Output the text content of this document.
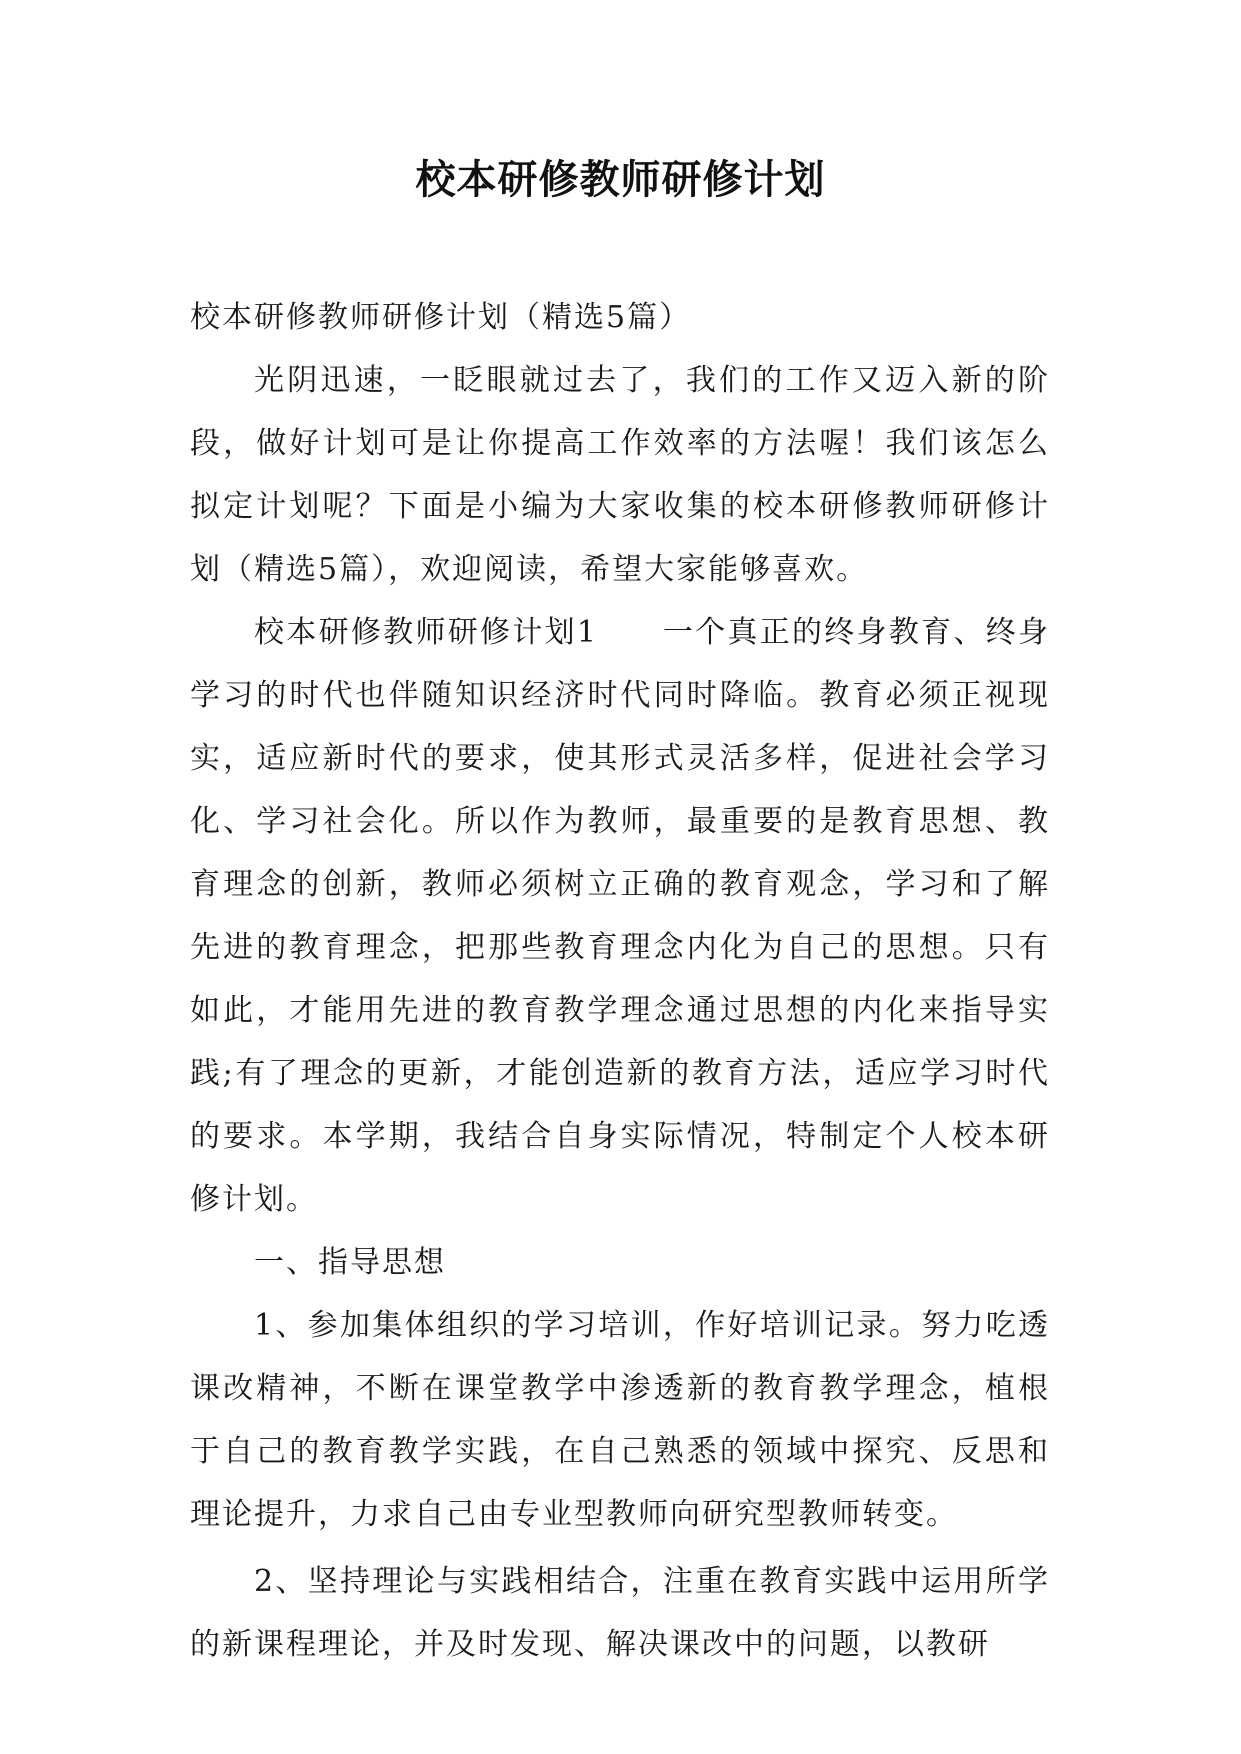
校本研修教师研修计划

校本研修教师研修计划（精选5篇）

光阴迅速，一眨眼就过去了，我们的工作又迈入新的阶段，做好计划可是让你提高工作效率的方法喔！我们该怎么拟定计划呢？下面是小编为大家收集的校本研修教师研修计划（精选5篇），欢迎阅读，希望大家能够喜欢。

校本研修教师研修计划1　　一个真正的终身教育、终身学习的时代也伴随知识经济时代同时降临。教育必须正视现实，适应新时代的要求，使其形式灵活多样，促进社会学习化、学习社会化。所以作为教师，最重要的是教育思想、教育理念的创新，教师必须树立正确的教育观念，学习和了解先进的教育理念，把那些教育理念内化为自己的思想。只有如此，才能用先进的教育教学理念通过思想的内化来指导实践;有了理念的更新，才能创造新的教育方法，适应学习时代的要求。本学期，我结合自身实际情况，特制定个人校本研修计划。

一、指导思想

1、参加集体组织的学习培训，作好培训记录。努力吃透课改精神，不断在课堂教学中渗透新的教育教学理念，植根于自己的教育教学实践，在自己熟悉的领域中探究、反思和理论提升，力求自己由专业型教师向研究型教师转变。

2、坚持理论与实践相结合，注重在教育实践中运用所学的新课程理论，并及时发现、解决课改中的问题，以教研
